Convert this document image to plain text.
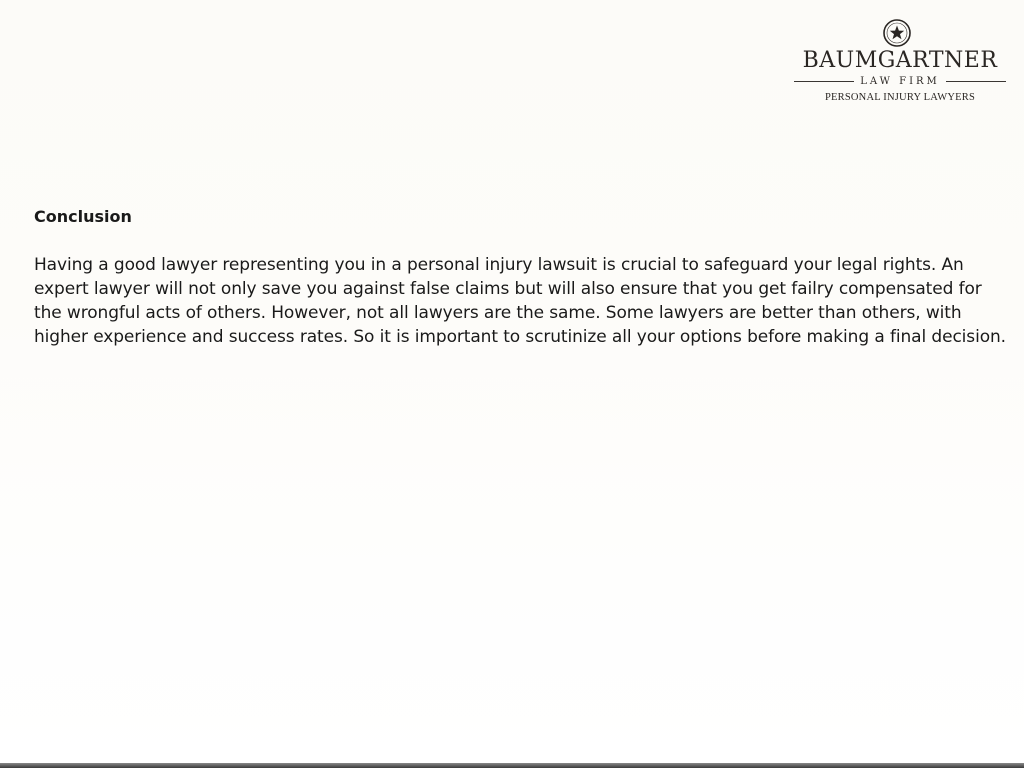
BAUMGARTNER
LAW FIRM
PERSONAL INJURY LAWYERS

Conclusion

Having a good lawyer representing you in a personal injury lawsuit is crucial to safeguard your legal rights. An expert lawyer will not only save you against false claims but will also ensure that you get failry compensated for the wrongful acts of others. However, not all lawyers are the same. Some lawyers are better than others, with higher experience and success rates. So it is important to scrutinize all your options before making a final decision.
